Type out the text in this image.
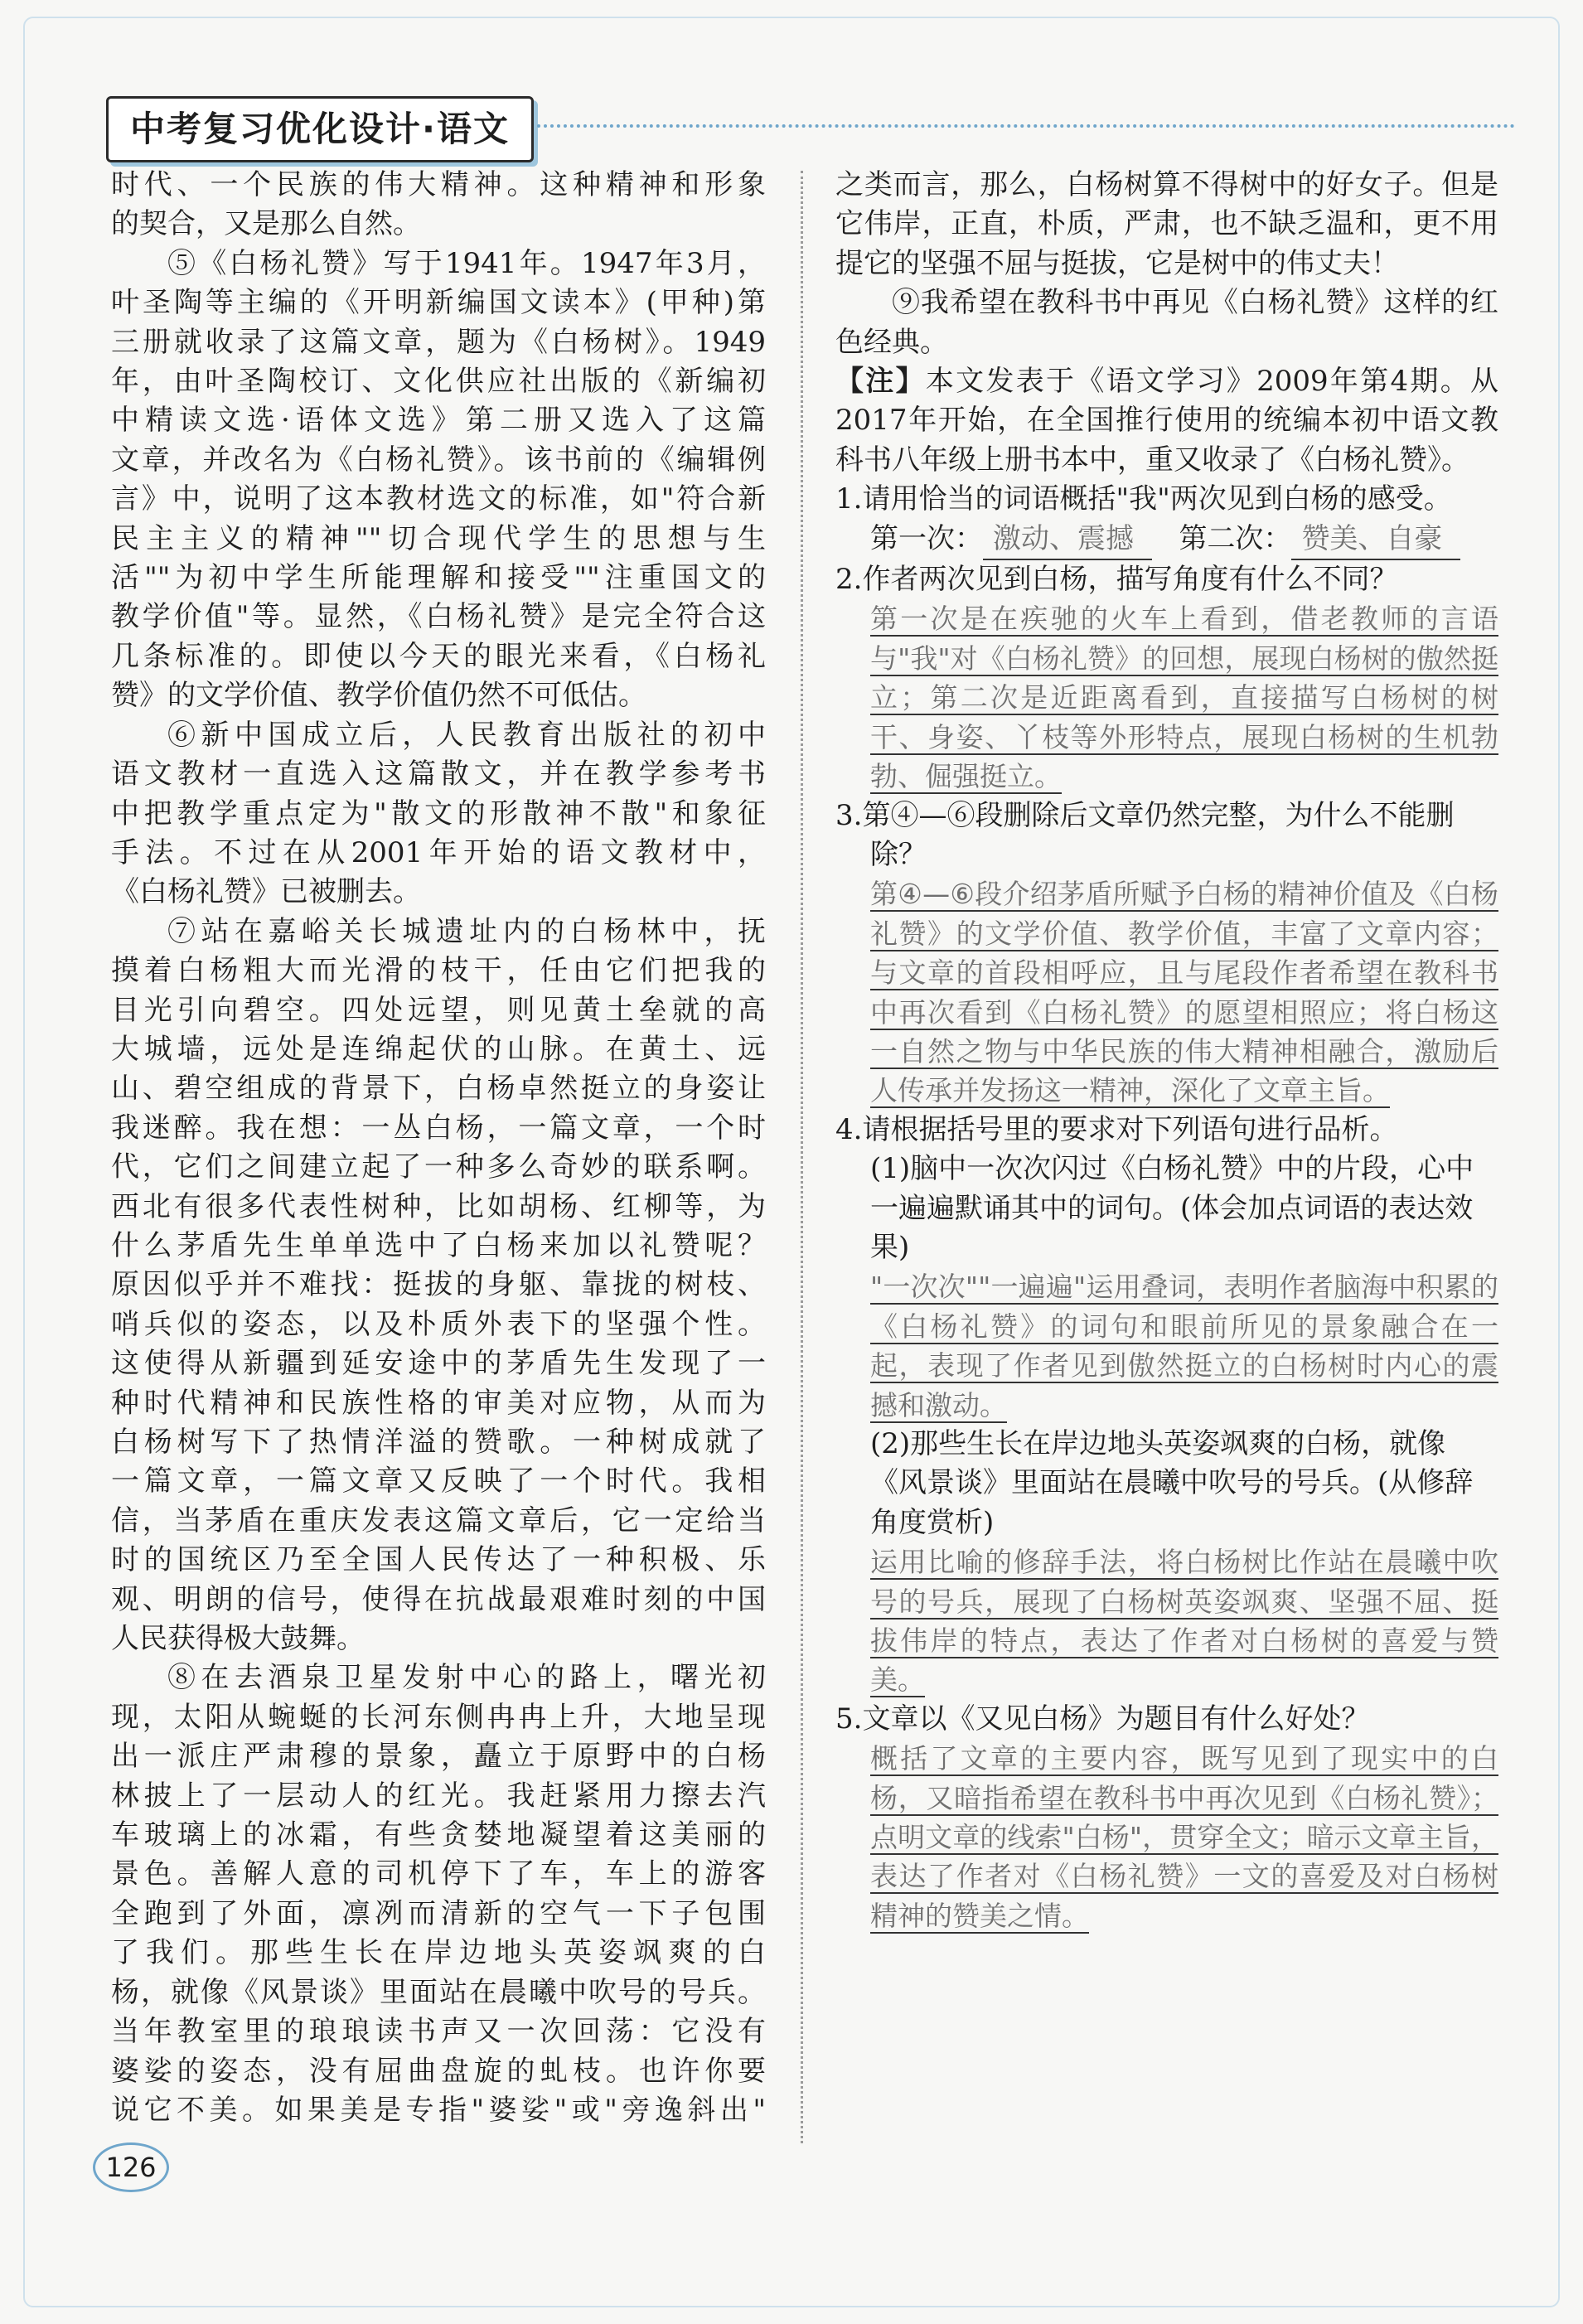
中考复习优化设计·语文

时代、一个民族的伟大精神。这种精神和形象

的契合，又是那么自然。

⑤《白杨礼赞》写于1941年。1947年3月，

叶圣陶等主编的《开明新编国文读本》(甲种)第

三册就收录了这篇文章，题为《白杨树》。1949

年，由叶圣陶校订、文化供应社出版的《新编初

中精读文选·语体文选》第二册又选入了这篇

文章，并改名为《白杨礼赞》。该书前的《编辑例

言》中，说明了这本教材选文的标准，如"符合新

民主主义的精神""切合现代学生的思想与生

活""为初中学生所能理解和接受""注重国文的

教学价值"等。显然，《白杨礼赞》是完全符合这

几条标准的。即使以今天的眼光来看，《白杨礼

赞》的文学价值、教学价值仍然不可低估。

⑥新中国成立后，人民教育出版社的初中

语文教材一直选入这篇散文，并在教学参考书

中把教学重点定为"散文的形散神不散"和象征

手法。不过在从2001年开始的语文教材中，

《白杨礼赞》已被删去。

⑦站在嘉峪关长城遗址内的白杨林中，抚

摸着白杨粗大而光滑的枝干，任由它们把我的

目光引向碧空。四处远望，则见黄土垒就的高

大城墙，远处是连绵起伏的山脉。在黄土、远

山、碧空组成的背景下，白杨卓然挺立的身姿让

我迷醉。我在想：一丛白杨，一篇文章，一个时

代，它们之间建立起了一种多么奇妙的联系啊。

西北有很多代表性树种，比如胡杨、红柳等，为

什么茅盾先生单单选中了白杨来加以礼赞呢？

原因似乎并不难找：挺拔的身躯、靠拢的树枝、

哨兵似的姿态，以及朴质外表下的坚强个性。

这使得从新疆到延安途中的茅盾先生发现了一

种时代精神和民族性格的审美对应物，从而为

白杨树写下了热情洋溢的赞歌。一种树成就了

一篇文章，一篇文章又反映了一个时代。我相

信，当茅盾在重庆发表这篇文章后，它一定给当

时的国统区乃至全国人民传达了一种积极、乐

观、明朗的信号，使得在抗战最艰难时刻的中国

人民获得极大鼓舞。

⑧在去酒泉卫星发射中心的路上，曙光初

现，太阳从蜿蜒的长河东侧冉冉上升，大地呈现

出一派庄严肃穆的景象，矗立于原野中的白杨

林披上了一层动人的红光。我赶紧用力擦去汽

车玻璃上的冰霜，有些贪婪地凝望着这美丽的

景色。善解人意的司机停下了车，车上的游客

全跑到了外面，凛冽而清新的空气一下子包围

了我们。那些生长在岸边地头英姿飒爽的白

杨，就像《风景谈》里面站在晨曦中吹号的号兵。

当年教室里的琅琅读书声又一次回荡：它没有

婆娑的姿态，没有屈曲盘旋的虬枝。也许你要

说它不美。如果美是专指"婆娑"或"旁逸斜出"

之类而言，那么，白杨树算不得树中的好女子。但是它伟岸，正直，朴质，严肃，也不缺乏温和，更不用提它的坚强不屈与挺拔，它是树中的伟丈夫！

⑨我希望在教科书中再见《白杨礼赞》这样的红色经典。

【注】本文发表于《语文学习》2009年第4期。从2017年开始，在全国推行使用的统编本初中语文教科书八年级上册书本中，重又收录了《白杨礼赞》。

1.请用恰当的词语概括"我"两次见到白杨的感受。

第一次： 激动、震撼 第二次： 赞美、自豪

2.作者两次见到白杨，描写角度有什么不同？

第一次是在疾驰的火车上看到，借老教师的言语与"我"对《白杨礼赞》的回想，展现白杨树的傲然挺立；第二次是近距离看到，直接描写白杨树的树干、身姿、丫枝等外形特点，展现白杨树的生机勃勃、倔强挺立。

3.第④—⑥段删除后文章仍然完整，为什么不能删除？

第④—⑥段介绍茅盾所赋予白杨的精神价值及《白杨礼赞》的文学价值、教学价值，丰富了文章内容；与文章的首段相呼应，且与尾段作者希望在教科书中再次看到《白杨礼赞》的愿望相照应；将白杨这一自然之物与中华民族的伟大精神相融合，激励后人传承并发扬这一精神，深化了文章主旨。

4.请根据括号里的要求对下列语句进行品析。

(1)脑中一次次闪过《白杨礼赞》中的片段，心中一遍遍默诵其中的词句。(体会加点词语的表达效果)

"一次次""一遍遍"运用叠词，表明作者脑海中积累的《白杨礼赞》的词句和眼前所见的景象融合在一起，表现了作者见到傲然挺立的白杨树时内心的震撼和激动。

(2)那些生长在岸边地头英姿飒爽的白杨，就像《风景谈》里面站在晨曦中吹号的号兵。(从修辞角度赏析)

运用比喻的修辞手法，将白杨树比作站在晨曦中吹号的号兵，展现了白杨树英姿飒爽、坚强不屈、挺拔伟岸的特点，表达了作者对白杨树的喜爱与赞美。

5.文章以《又见白杨》为题目有什么好处？

概括了文章的主要内容，既写见到了现实中的白杨，又暗指希望在教科书中再次见到《白杨礼赞》；点明文章的线索"白杨"，贯穿全文；暗示文章主旨，表达了作者对《白杨礼赞》一文的喜爱及对白杨树精神的赞美之情。

126
